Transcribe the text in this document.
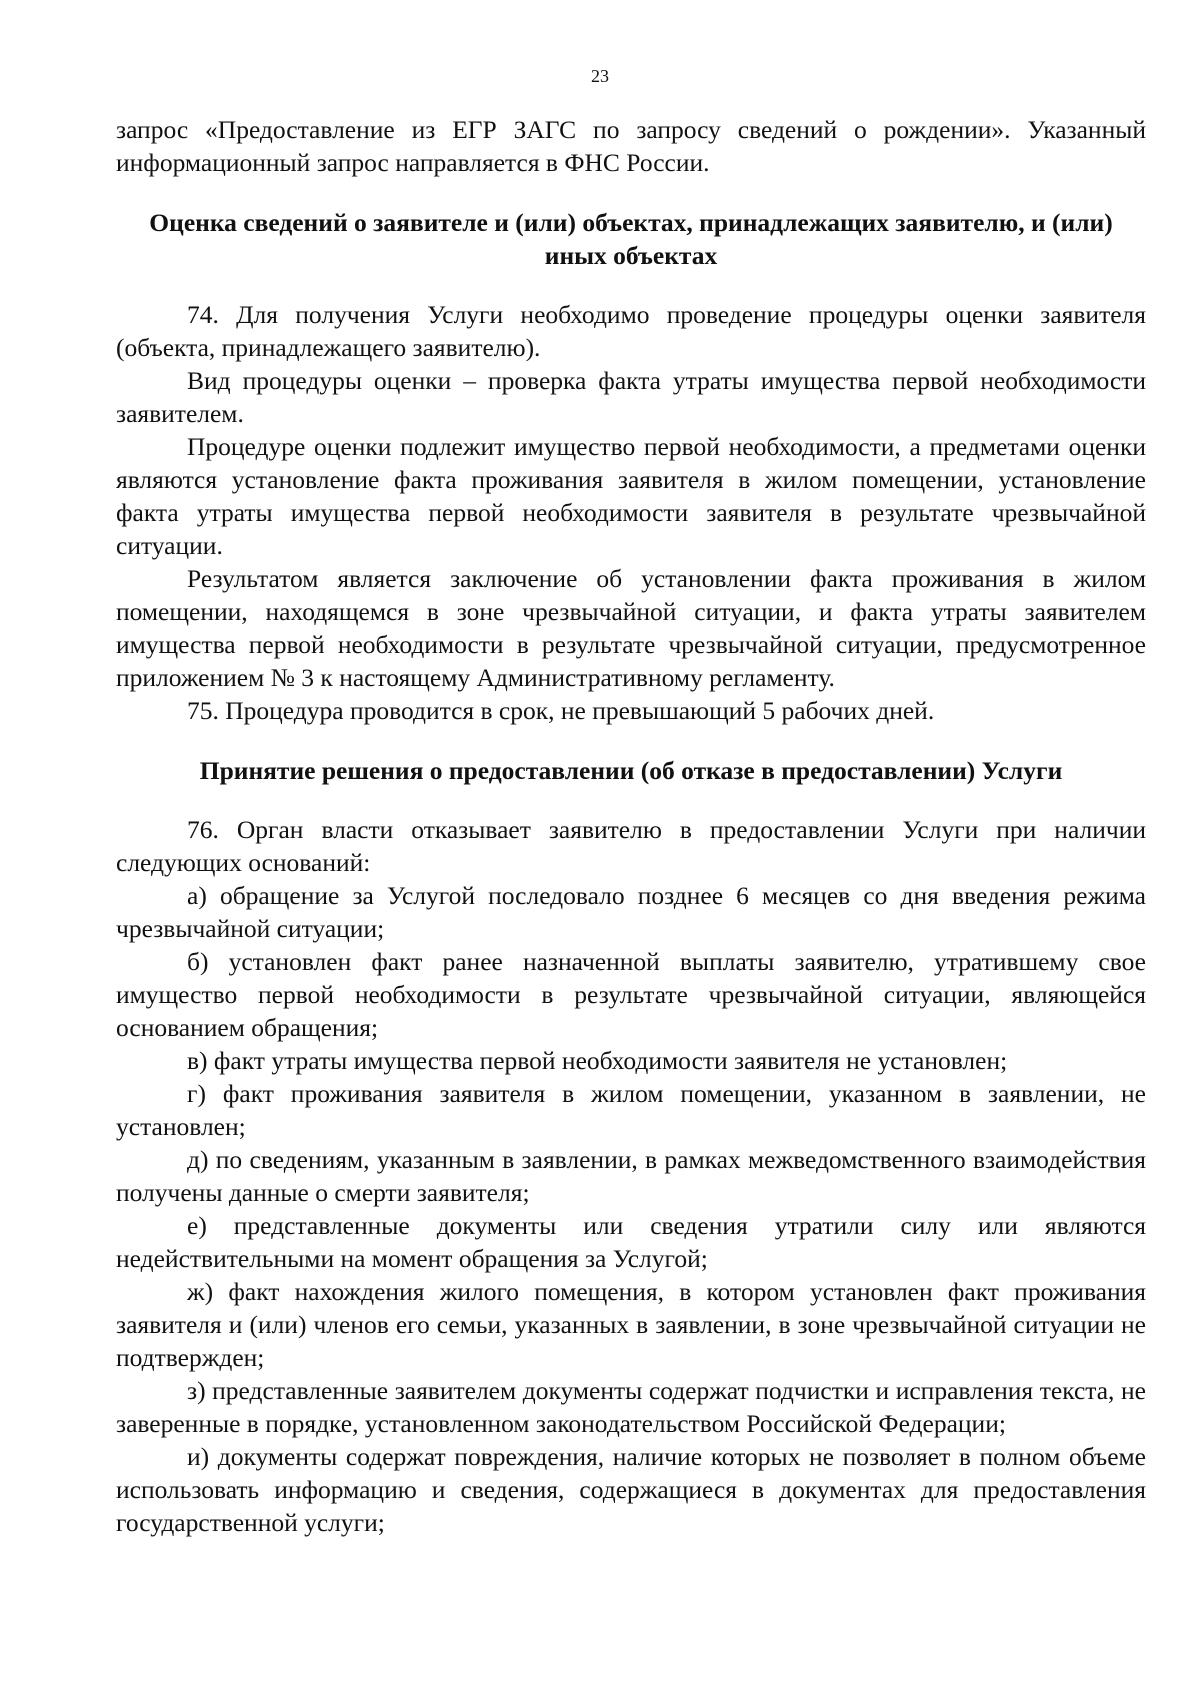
23

запрос «Предоставление из ЕГР ЗАГС по запросу сведений о рождении». Указанный информационный запрос направляется в ФНС России.

Оценка сведений о заявителе и (или) объектах, принадлежащих заявителю, и (или) иных объектах

74. Для получения Услуги необходимо проведение процедуры оценки заявителя (объекта, принадлежащего заявителю).

Вид процедуры оценки – проверка факта утраты имущества первой необходимости заявителем.

Процедуре оценки подлежит имущество первой необходимости, а предметами оценки являются установление факта проживания заявителя в жилом помещении, установление факта утраты имущества первой необходимости заявителя в результате чрезвычайной ситуации.

Результатом является заключение об установлении факта проживания в жилом помещении, находящемся в зоне чрезвычайной ситуации, и факта утраты заявителем имущества первой необходимости в результате чрезвычайной ситуации, предусмотренное приложением № 3 к настоящему Административному регламенту.

75. Процедура проводится в срок, не превышающий 5 рабочих дней.

Принятие решения о предоставлении (об отказе в предоставлении) Услуги

76. Орган власти отказывает заявителю в предоставлении Услуги при наличии следующих оснований:

а) обращение за Услугой последовало позднее 6 месяцев со дня введения режима чрезвычайной ситуации;

б) установлен факт ранее назначенной выплаты заявителю, утратившему свое имущество первой необходимости в результате чрезвычайной ситуации, являющейся основанием обращения;

в) факт утраты имущества первой необходимости заявителя не установлен;

г) факт проживания заявителя в жилом помещении, указанном в заявлении, не установлен;

д) по сведениям, указанным в заявлении, в рамках межведомственного взаимодействия получены данные о смерти заявителя;

е) представленные документы или сведения утратили силу или являются недействительными на момент обращения за Услугой;

ж) факт нахождения жилого помещения, в котором установлен факт проживания заявителя и (или) членов его семьи, указанных в заявлении, в зоне чрезвычайной ситуации не подтвержден;

з) представленные заявителем документы содержат подчистки и исправления текста, не заверенные в порядке, установленном законодательством Российской Федерации;

и) документы содержат повреждения, наличие которых не позволяет в полном объеме использовать информацию и сведения, содержащиеся в документах для предоставления государственной услуги;
